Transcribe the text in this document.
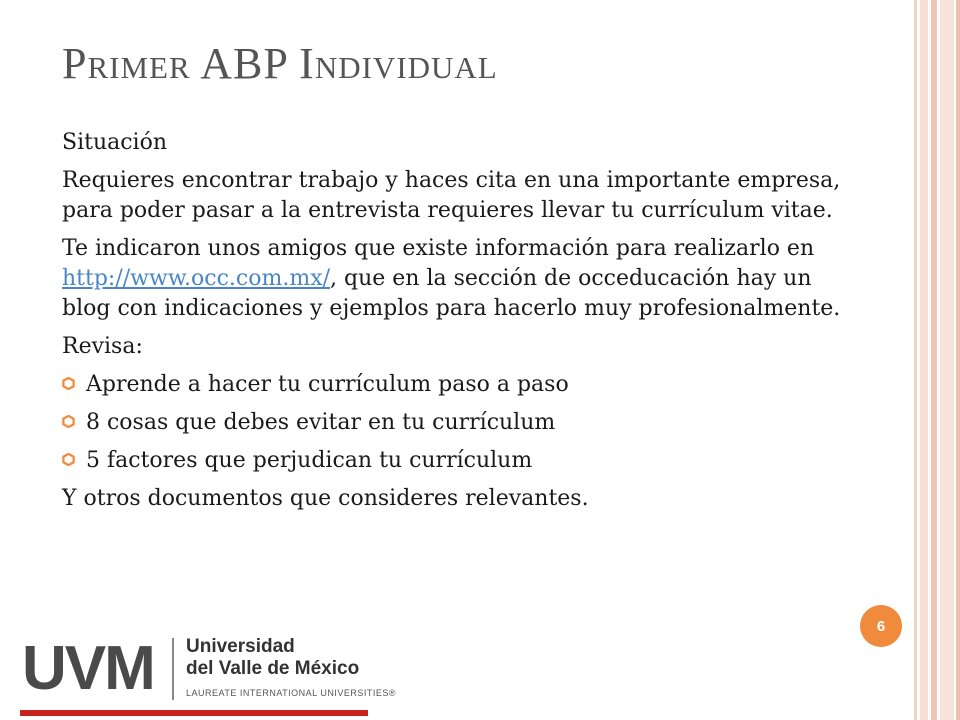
Primer ABP Individual

Situación

Requieres encontrar trabajo y haces cita en una importante empresa, para poder pasar a la entrevista requieres llevar tu currículum vitae.

Te indicaron unos amigos que existe información para realizarlo en http://www.occ.com.mx/, que en la sección de occeducación hay un blog con indicaciones y ejemplos para hacerlo muy profesionalmente.

Revisa:

Aprende a hacer tu currículum paso a paso
8 cosas que debes evitar en tu currículum
5 factores que perjudican tu currículum

Y otros documentos que consideres relevantes.

6
UVM Universidad
del Valle de México
LAUREATE INTERNATIONAL UNIVERSITIES®
